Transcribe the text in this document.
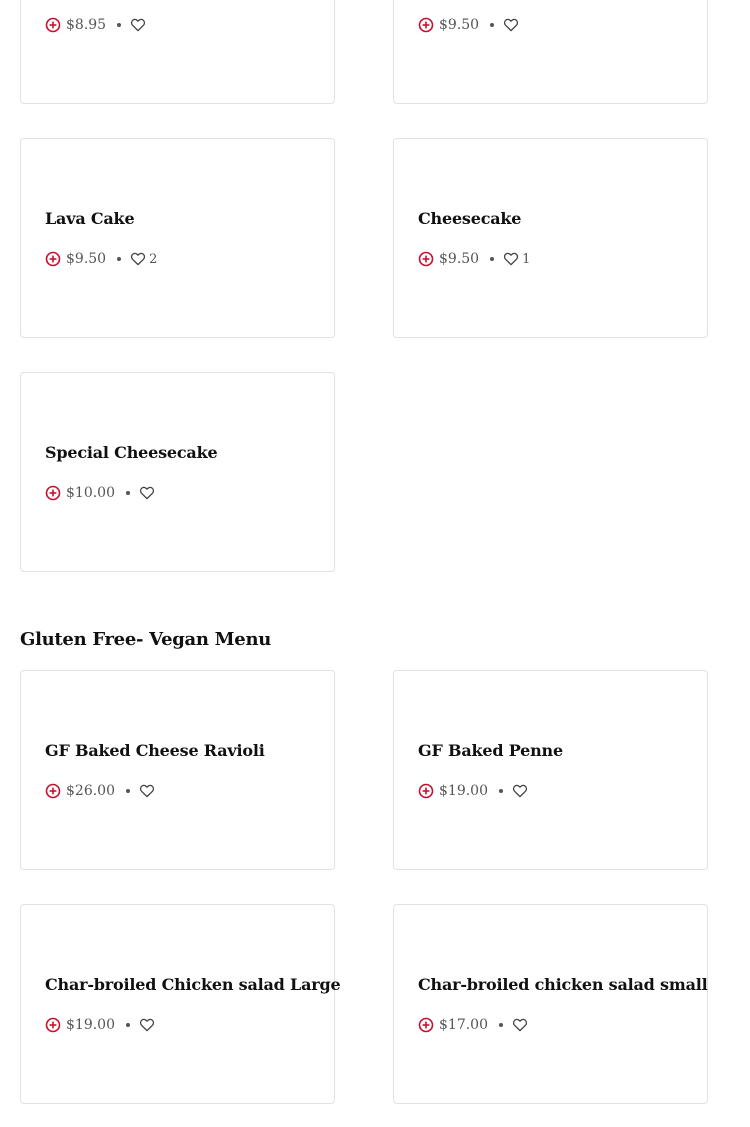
$8.95	$9.50
Lava Cake
$9.50	2
Cheesecake
$9.50	1
Special Cheesecake
$10.00
Gluten Free- Vegan Menu
GF Baked Cheese Ravioli
$26.00
GF Baked Penne
$19.00
Char-broiled Chicken salad Large
$19.00
Char-broiled chicken salad small
$17.00
